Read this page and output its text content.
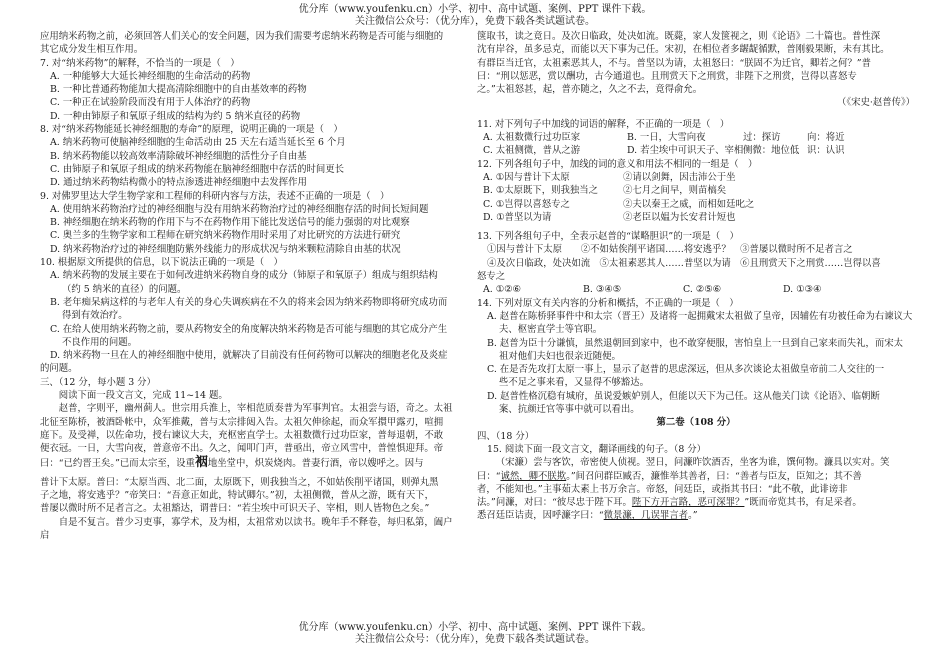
优分库（www.youfenku.cn）小学、初中、高中试题、案例、PPT 课件下载。
关注微信公众号：（优分库），免费下载各类试题试卷。

应用纳米药物之前，必须回答人们关心的安全问题，因为我们需要考虑纳米药物是否可能与细胞的

其它成分发生相互作用。

7. 对“纳米药物”的解释，不恰当的一项是（　）

A. 一种能够大大延长神经细胞的生命活动的药物

B. 一种比普通药物能加大提高清除细胞中的自由基效率的药物

C. 一种正在试验阶段而没有用于人体治疗的药物

D. 一种由铈原子和氧原子组成的结构为约 5 纳米直径的药物

8. 对“纳米药物能延长神经细胞的寿命”的原理，说明正确的一项是（　）

A. 纳米药物可使脑神经细胞的生命活动由 25 天左右适当延长至 6 个月

B. 纳米药物能以较高效率清除破坏神经细胞的活性分子自由基

C. 由铈原子和氧原子组成的纳米药物能在脑神经细胞中存活的时间更长

D. 通过纳米药物结构微小的特点渗透进神经细胞中去发挥作用

9. 对佛罗里达大学生物学家和工程师的科研内容与方法，表述不正确的一项是（　）

A. 使用纳米药物治疗过的神经细胞与没有用纳米药物治疗过的神经细胞存活的时间长短间题

B. 神经细胞在纳米药物的作用下与不在药物作用下能比发送信号的能力强弱的对比观察

C. 奥兰多的生物学家和工程师在研究纳米药物作用时采用了对比研究的方法进行研究

D. 纳米药物治疗过的神经细胞防紫外线能力的形成状况与纳米颗粒清除自由基的状况

10. 根据原文所提供的信息，以下说法正确的一项是（　）

A. 纳米药物的发展主要在于如何改进纳米药物自身的成分（铈原子和氧原子）组成与组织结构

（约 5 纳米的直径）的问题。

B. 老年痴呆病这样的与老年人有关的身心失调疾病在不久的将来会因为纳米药物即将研究成功而

得到有效治疗。

C. 在给人使用纳米药物之前，要从药物安全的角度解决纳米药物是否可能与细胞的其它成分产生

不良作用的问题。

D. 纳米药物一旦在人的神经细胞中使用，就解决了目前没有任何药物可以解决的细胞老化及炎症

的问题。

三、（12 分，每小题 3 分）

阅读下面一段文言文，完成 11~14 题。

赵普，字则平，幽州蓟人。世宗用兵淮上，宰相范质奏普为军事判官。太祖尝与语，奇之。太祖

北征至陈桥，被酒卧帐中，众军推戴，普与太宗排闼入告。太祖欠伸徐起，而众军擐甲露刃，喧拥

庭下。及受禅，以佐命功，授右谏议大夫，充枢密直学士。太祖数微行过功臣家，普每退朝，不敢

便衣冠。一日，大雪向夜，普意帝不出。久之，闻叩门声，普亟出，帝立风雪中，普惶惧迎拜。帝

曰：“已约晋王矣。”已而太宗至，设重裀地坐堂中，炽炭烧肉。普妻行酒，帝以嫂呼之。因与

普计下太原。普曰：“太原当西、北二面，太原既下，则我独当之，不如姑俟削平诸国，则弹丸黑

子之地，将安逃乎？”帝笑曰：“吾意正如此，特试卿尔。”初，太祖侧微，普从之游，既有天下，

普屡以微时所不足者言之。太祖豁达，谓普曰：“若尘埃中可识天子、宰相，则人皆物色之矣。”

自是不复言。普少习吏事，寡学术，及为相，太祖常劝以读书。晚年手不释卷，每归私第，阖户启

箧取书，读之竟日。及次日临政，处决如流。既薨，家人发箧视之，则《论语》二十篇也。普性深

沈有岸谷，虽多忌克，而能以天下事为己任。宋初，在相位者多龌龊循默，普刚毅果断，未有其比。

有群臣当迁官，太祖素恶其人，不与。普坚以为请，太祖怒曰：“朕固不为迁官，卿若之何？”普

曰：“刑以惩恶，赏以酬功，古今通道也。且刑赏天下之刑赏，非陛下之刑赏，岂得以喜怒专

之。”太祖怒甚，起，普亦随之，久之不去，竟得俞允。

（《宋史·赵普传》）

11. 对下列句子中加线的词语的解释，不正确的一项是（　）

A. 太祖数微行过功臣家	过：探访
B. 一日，大雪向夜	向：将近
C. 太祖侧微，普从之游	侧微：地位低
D. 若尘埃中可识天子、宰相	识：认识

12. 下列各组句子中，加线的词的意义和用法不相同的一组是（　）

A. ①因与普计下太原	②请以剑舞，因击沛公于坐
B. ①太原既下，则我独当之	②七月之间早，则苗槁矣
C. ①岂得以喜怒专之	②夫以秦王之威，而相如廷叱之
D. ①普坚以为请	②老臣以媪为长安君计短也

13. 下列各组句子中，全表示赵普的“谋略胆识”的一项是（　）

①因与普计下太原　　②不如姑俟削平诸国……将安逃乎？　③普屡以微时所不足者言之

④及次日临政，处决如流　⑤太祖素恶其人……普坚以为请　⑥且刑赏天下之刑赏……岂得以喜

怒专之

A. ①②⑥	B. ③④⑤	C. ②⑤⑥	D. ①③④

14. 下列对原文有关内容的分析和概括，不正确的一项是（　）

A. 赵普在陈桥驿事件中和太宗（晋王）及诸将一起拥戴宋太祖做了皇帝，因辅佐有功被任命为右谏议大

夫、枢密直学士等官职。

B. 赵普为臣十分谦慎，虽然退朝回到家中，也不敢穿便服，害怕皇上一旦到自己家来而失礼，而宋太

祖对他们夫妇也很亲近随便。

C. 在是否先攻打太原一事上，显示了赵普的思虑深远，但从多次谈论太祖做皇帝前二人交往的一

些不足之事来看，又显得不够豁达。

D. 赵普性格沉稳有城府，虽说爱嫉妒别人，但能以天下为己任。这从他关门读《论语》、临朝断

案、抗颜迁官等事中就可以看出。

第二卷（108 分）

四、（18 分）

15. 阅读下面一段文言文，翻译画线的句子。（8 分）

（宋濂）尝与客饮，帝密使人侦视。翌日，问濂昨饮酒否，坐客为谁，馔何物。濂具以实对。笑

曰：“诚然，卿不朕欺。”间召问群臣臧否，濂惟举其善者，曰：“善者与臣友，臣知之；其不善

者，不能知也。”主事茹太素上书万余言。帝怒，问廷臣，或指其书曰：“此不敬，此诽谤非

法。”问濂，对曰：“彼尽忠于陛下耳。陛下方开言路，恶可深罪？”既而帝览其书，有足采者。

悉召廷臣诘责，因呼濂字曰：“微景濂，几误罪言者。”

优分库（www.youfenku.cn）小学、初中、高中试题、案例、PPT 课件下载。
关注微信公众号：（优分库），免费下载各类试题试卷。
